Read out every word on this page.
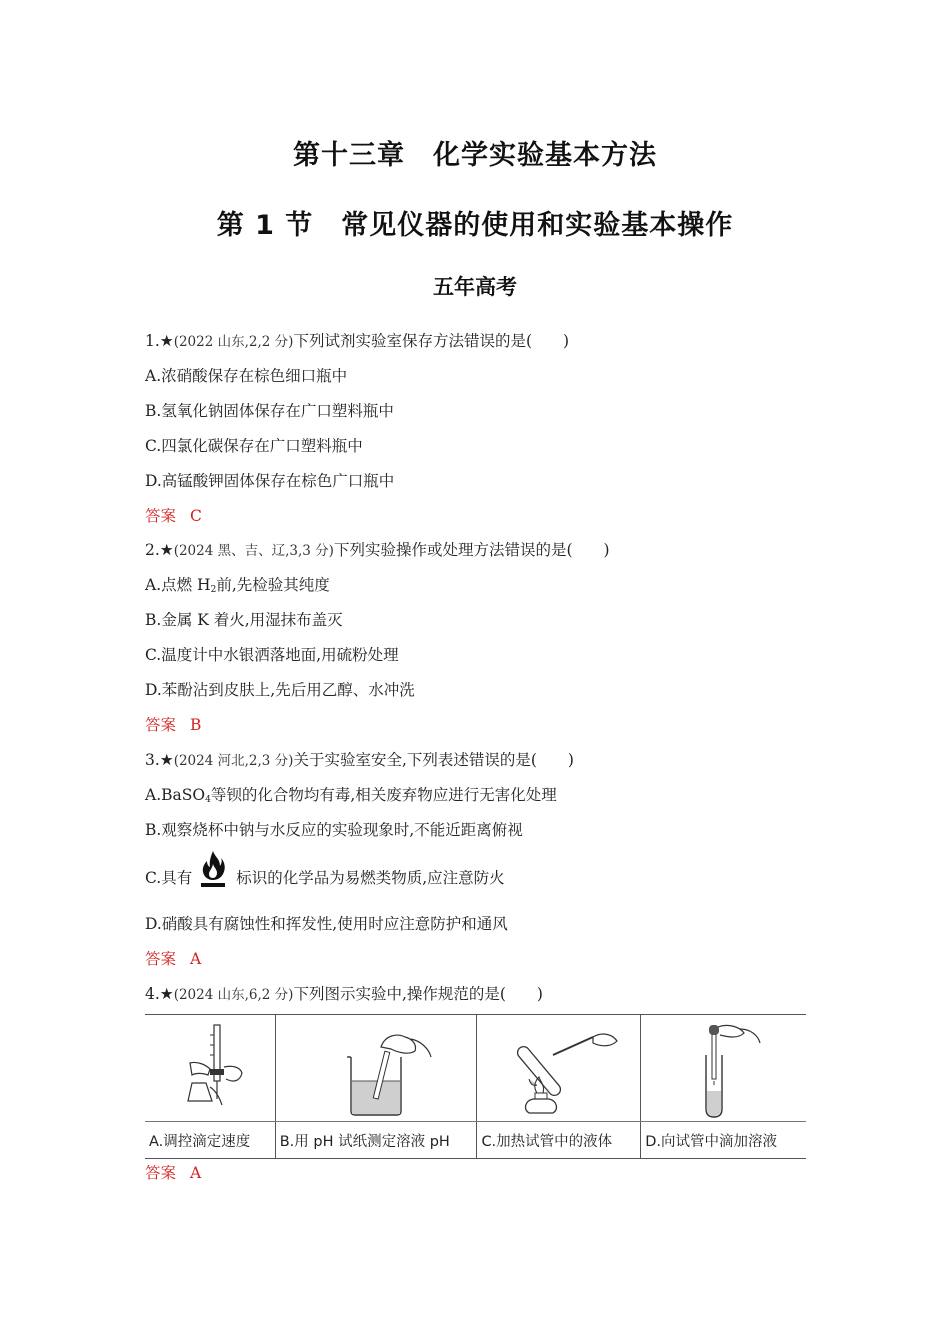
第十三章　化学实验基本方法
第 1 节　常见仪器的使用和实验基本操作
五年高考
1.★(2022 山东,2,2 分)下列试剂实验室保存方法错误的是(　　)
A.浓硝酸保存在棕色细口瓶中
B.氢氧化钠固体保存在广口塑料瓶中
C.四氯化碳保存在广口塑料瓶中
D.高锰酸钾固体保存在棕色广口瓶中
答案 C
2.★(2024 黑、吉、辽,3,3 分)下列实验操作或处理方法错误的是(　　)
A.点燃 $H_2$前,先检验其纯度
B.金属 K 着火,用湿抹布盖灭
C.温度计中水银洒落地面,用硫粉处理
D.苯酚沾到皮肤上,先后用乙醇、水冲洗
答案 B
3.★(2024 河北,2,3 分)关于实验室安全,下列表述错误的是(　　)
A.BaSO$_4$等钡的化合物均有毒,相关废弃物应进行无害化处理
B.观察烧杯中钠与水反应的实验现象时,不能近距离俯视
C.具有	标识的化学品为易燃类物质,应注意防火
D.硝酸具有腐蚀性和挥发性,使用时应注意防护和通风
答案 A
4.★(2024 山东,6,2 分)下列图示实验中,操作规范的是(　　)

A.调控滴定速度	B.用 pH 试纸测定溶液 pH	C.加热试管中的液体	D.向试管中滴加溶液
答案 A
